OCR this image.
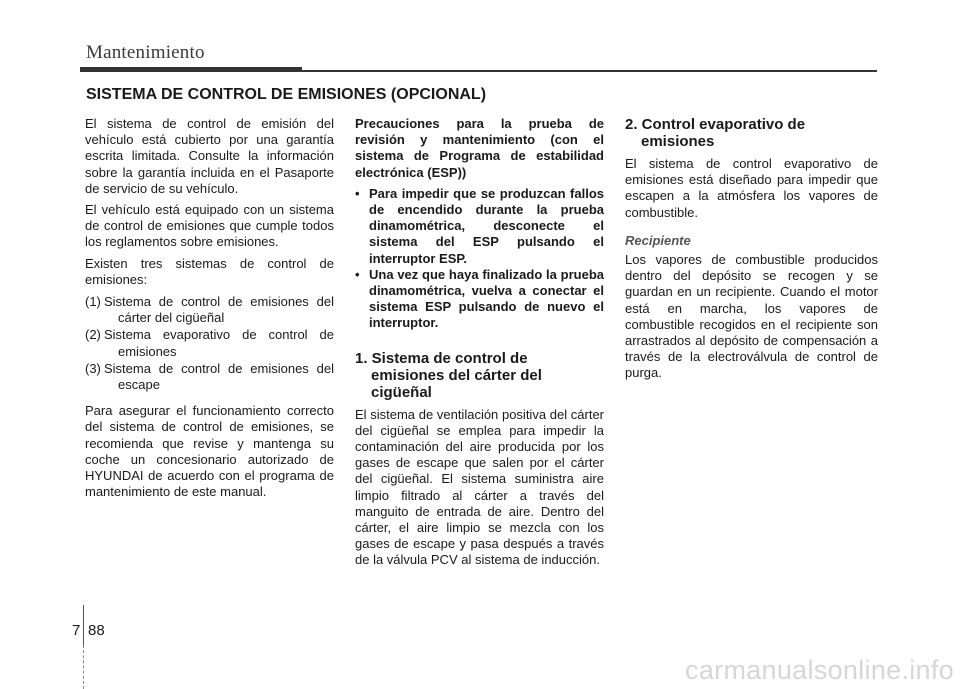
Mantenimiento
SISTEMA DE CONTROL DE EMISIONES (OPCIONAL)

El sistema de control de emisión del vehículo está cubierto por una garantía escrita limitada. Consulte la información sobre la garantía incluida en el Pasaporte de servicio de su vehículo.

El vehículo está equipado con un sistema de control de emisiones que cumple todos los reglamentos sobre emisiones.

Existen tres sistemas de control de emisiones:

(1) Sistema de control de emisiones del cárter del cigüeñal
(2) Sistema evaporativo de control de emisiones
(3) Sistema de control de emisiones del escape

Para asegurar el funcionamiento correcto del sistema de control de emisiones, se recomienda que revise y mantenga su coche un concesionario autorizado de HYUNDAI de acuerdo con el programa de mantenimiento de este manual.

Precauciones para la prueba de revisión y mantenimiento (con el sistema de Programa de estabilidad electrónica (ESP))

• Para impedir que se produzcan fallos de encendido durante la prueba dinamométrica, desconecte el sistema del ESP pulsando el interruptor ESP.
• Una vez que haya finalizado la prueba dinamométrica, vuelva a conectar el sistema ESP pulsando de nuevo el interruptor.
1. Sistema de control de
emisiones del cárter del
cigüeñal

El sistema de ventilación positiva del cárter del cigüeñal se emplea para impedir la contaminación del aire producida por los gases de escape que salen por el cárter del cigüeñal. El sistema suministra aire limpio filtrado al cárter a través del manguito de entrada de aire. Dentro del cárter, el aire limpio se mezcla con los gases de escape y pasa después a través de la válvula PCV al sistema de inducción.

2. Control evaporativo de
emisiones

El sistema de control evaporativo de emisiones está diseñado para impedir que escapen a la atmósfera los vapores de combustible.

Recipiente

Los vapores de combustible producidos dentro del depósito se recogen y se guardan en un recipiente. Cuando el motor está en marcha, los vapores de combustible recogidos en el recipiente son arrastrados al depósito de compensación a través de la electroválvula de control de purga.

7 88
carmanualsonline.info
